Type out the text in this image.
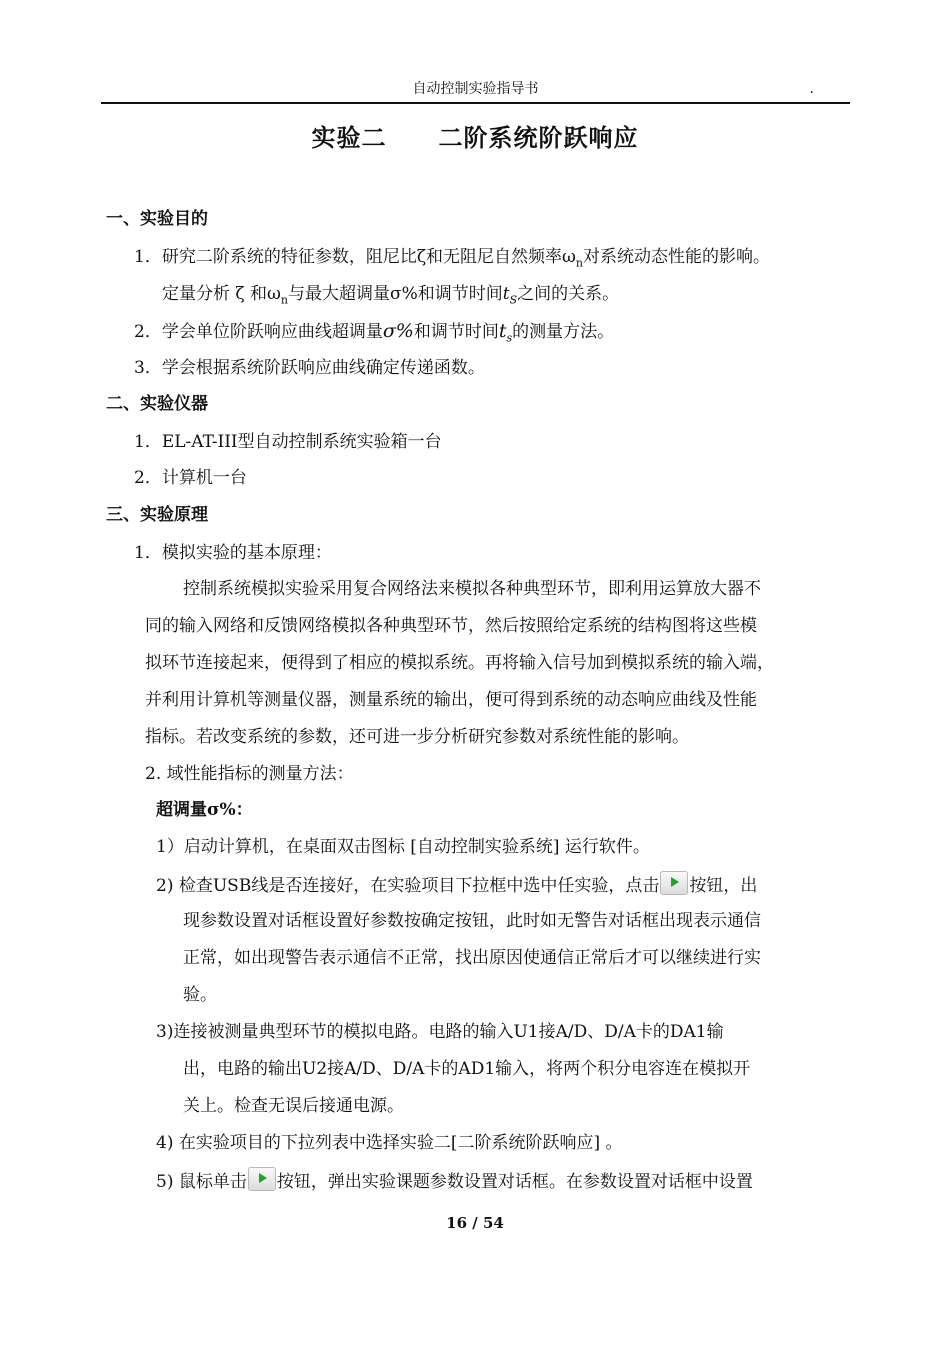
自动控制实验指导书	.
实验二 二阶系统阶跃响应
一、实验目的
1．研究二阶系统的特征参数，阻尼比ζ和无阻尼自然频率$\omega_n$对系统动态性能的影响。
定量分析 ζ 和$\omega_n$与最大超调量σ%和调节时间$t_S$之间的关系。
2．学会单位阶跃响应曲线超调量σ%和调节时间$t_s$的测量方法。
3．学会根据系统阶跃响应曲线确定传递函数。
二、实验仪器
1．EL-AT-III型自动控制系统实验箱一台
2．计算机一台
三、实验原理
1．模拟实验的基本原理：
控制系统模拟实验采用复合网络法来模拟各种典型环节，即利用运算放大器不
同的输入网络和反馈网络模拟各种典型环节，然后按照给定系统的结构图将这些模
拟环节连接起来，便得到了相应的模拟系统。再将输入信号加到模拟系统的输入端，
并利用计算机等测量仪器，测量系统的输出，便可得到系统的动态响应曲线及性能
指标。若改变系统的参数，还可进一步分析研究参数对系统性能的影响。
2. 域性能指标的测量方法：
超调量σ%：
1）启动计算机，在桌面双击图标 [自动控制实验系统] 运行软件。
2) 检查USB线是否连接好，在实验项目下拉框中选中任实验，点击 按钮，出
现参数设置对话框设置好参数按确定按钮，此时如无警告对话框出现表示通信
正常，如出现警告表示通信不正常，找出原因使通信正常后才可以继续进行实
验。
3)连接被测量典型环节的模拟电路。电路的输入U1接A/D、D/A卡的DA1输
出，电路的输出U2接A/D、D/A卡的AD1输入，将两个积分电容连在模拟开
关上。检查无误后接通电源。
4) 在实验项目的下拉列表中选择实验二[二阶系统阶跃响应] 。
5) 鼠标单击 按钮，弹出实验课题参数设置对话框。在参数设置对话框中设置
16 / 54
